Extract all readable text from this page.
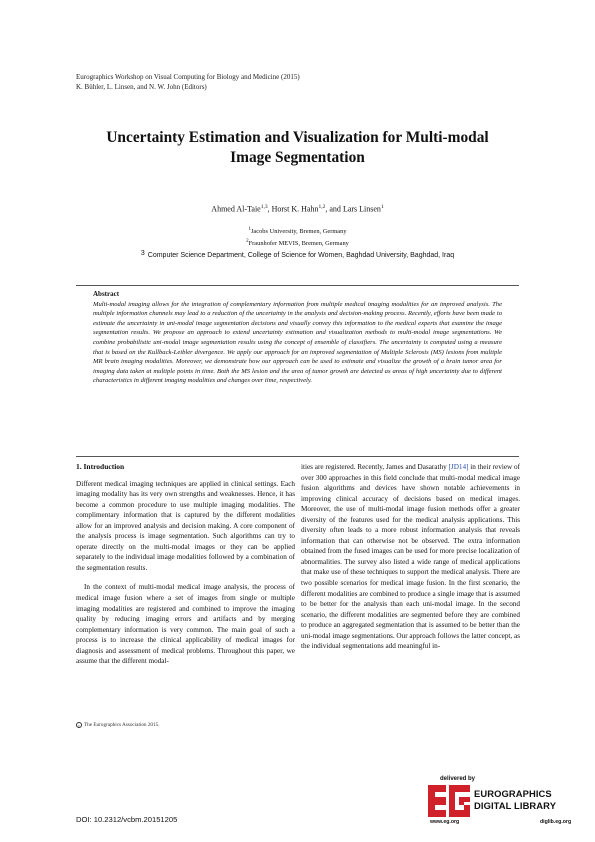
Eurographics Workshop on Visual Computing for Biology and Medicine (2015)
K. Bühler, L. Linsen, and N. W. John (Editors)
Uncertainty Estimation and Visualization for Multi-modal
Image Segmentation
Ahmed Al-Taie$^{1,3}$, Horst K. Hahn$^{1,2}$, and Lars Linsen$^1$
$^1$Jacobs University, Bremen, Germany
$^2$Fraunhofer MEVIS, Bremen, Germany
$^3$ Computer Science Department, College of Science for Women, Baghdad University, Baghdad, Iraq
Abstract
Multi-modal imaging allows for the integration of complementary information from multiple medical imaging modalities for an improved analysis. The multiple information channels may lead to a reduction of the uncertainty in the analysis and decision-making process. Recently, efforts have been made to estimate the uncertainty in uni-modal image segmentation decisions and visually convey this information to the medical experts that examine the image segmentation results. We propose an approach to extend uncertainty estimation and visualization methods to multi-modal image segmentations. We combine probabilistic uni-modal image segmentation results using the concept of ensemble of classifiers. The uncertainty is computed using a measure that is based on the Kullback-Leibler divergence. We apply our approach for an improved segmentation of Multiple Sclerosis (MS) lesions from multiple MR brain imaging modalities. Moreover, we demonstrate how our approach can be used to estimate and visualize the growth of a brain tumor area for imaging data taken at multiple points in time. Both the MS lesion and the area of tumor growth are detected as areas of high uncertainty due to different characteristics in different imaging modalities and changes over time, respectively.
1. Introduction

Different medical imaging techniques are applied in clinical settings. Each imaging modality has its very own strengths and weaknesses. Hence, it has become a common procedure to use multiple imaging modalities. The complimentary information that is captured by the different modalities allow for an improved analysis and decision making. A core component of the analysis process is image segmentation. Such algorithms can try to operate directly on the multi-modal images or they can be applied separately to the individual image modalities followed by a combination of the segmentation results.

In the context of multi-modal medical image analysis, the process of medical image fusion where a set of images from single or multiple imaging modalities are registered and combined to improve the imaging quality by reducing imaging errors and artifacts and by merging complementary information is very common. The main goal of such a process is to increase the clinical applicability of medical images for diagnosis and assessment of medical problems. Throughout this paper, we assume that the different modal-

ities are registered. Recently, James and Dasarathy [JD14] in their review of over 300 approaches in this field conclude that multi-modal medical image fusion algorithms and devices have shown notable achievements in improving clinical accuracy of decisions based on medical images. Moreover, the use of multi-modal image fusion methods offer a greater diversity of the features used for the medical analysis applications. This diversity often leads to a more robust information analysis that reveals information that can otherwise not be observed. The extra information obtained from the fused images can be used for more precise localization of abnormalities. The survey also listed a wide range of medical applications that make use of these techniques to support the medical analysis. There are two possible scenarios for medical image fusion. In the first scenario, the different modalities are combined to produce a single image that is assumed to be better for the analysis than each uni-modal image. In the second scenario, the different modalities are segmented before they are combined to produce an aggregated segmentation that is assumed to be better than the uni-modal image segmentations. Our approach follows the latter concept, as the individual segmentations add meaningful in-

c The Eurographics Association 2015.
DOI: 10.2312/vcbm.20151205
delivered by
EUROGRAPHICS
DIGITAL LIBRARY
www.eg.org	diglib.eg.org
